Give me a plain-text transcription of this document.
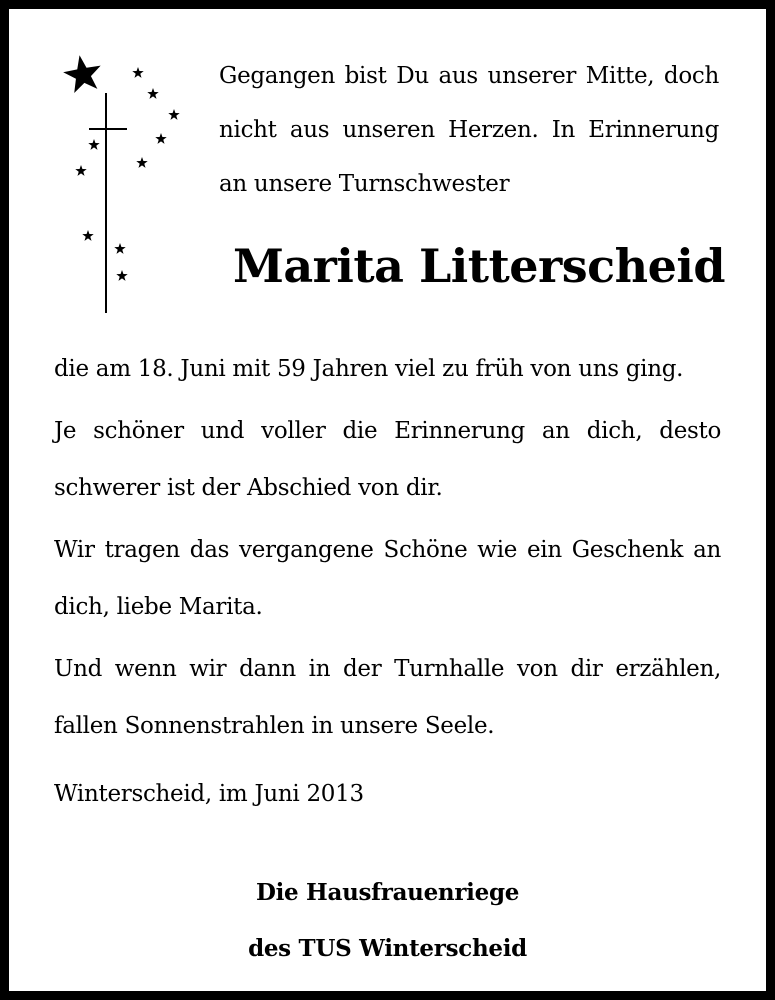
Gegangen bist Du aus unserer Mitte, doch nicht aus unseren Herzen. In Erinnerung an unsere Turnschwester
Marita Litterscheid
die am 18. Juni mit 59 Jahren viel zu früh von uns ging.
Je schöner und voller die Erinnerung an dich, desto schwerer ist der Abschied von dir.
Wir tragen das vergangene Schöne wie ein Geschenk an dich, liebe Marita.
Und wenn wir dann in der Turnhalle von dir erzählen, fallen Sonnenstrahlen in unsere Seele.
Winterscheid, im Juni 2013
Die Hausfrauenriege
des TUS Winterscheid
